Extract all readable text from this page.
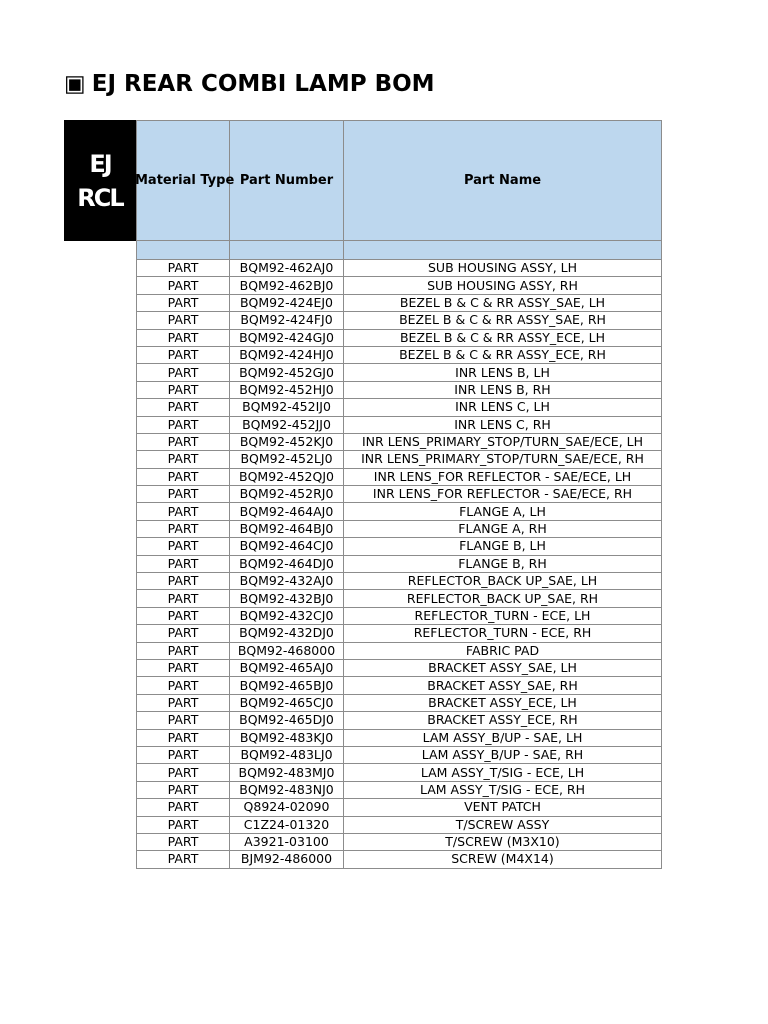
▣ EJ REAR COMBI LAMP BOM
EJ
RCL
Material Type	Part Number	Part Name

PART	BQM92-462AJ0	SUB HOUSING ASSY, LH
PART	BQM92-462BJ0	SUB HOUSING ASSY, RH
PART	BQM92-424EJ0	BEZEL B & C & RR ASSY_SAE, LH
PART	BQM92-424FJ0	BEZEL B & C & RR ASSY_SAE, RH
PART	BQM92-424GJ0	BEZEL B & C & RR ASSY_ECE, LH
PART	BQM92-424HJ0	BEZEL B & C & RR ASSY_ECE, RH
PART	BQM92-452GJ0	INR LENS B, LH
PART	BQM92-452HJ0	INR LENS B, RH
PART	BQM92-452IJ0	INR LENS C, LH
PART	BQM92-452JJ0	INR LENS C, RH
PART	BQM92-452KJ0	INR LENS_PRIMARY_STOP/TURN_SAE/ECE, LH
PART	BQM92-452LJ0	INR LENS_PRIMARY_STOP/TURN_SAE/ECE, RH
PART	BQM92-452QJ0	INR LENS_FOR REFLECTOR - SAE/ECE, LH
PART	BQM92-452RJ0	INR LENS_FOR REFLECTOR - SAE/ECE, RH
PART	BQM92-464AJ0	FLANGE A, LH
PART	BQM92-464BJ0	FLANGE A, RH
PART	BQM92-464CJ0	FLANGE B, LH
PART	BQM92-464DJ0	FLANGE B, RH
PART	BQM92-432AJ0	REFLECTOR_BACK UP_SAE, LH
PART	BQM92-432BJ0	REFLECTOR_BACK UP_SAE, RH
PART	BQM92-432CJ0	REFLECTOR_TURN - ECE, LH
PART	BQM92-432DJ0	REFLECTOR_TURN - ECE, RH
PART	BQM92-468000	FABRIC PAD
PART	BQM92-465AJ0	BRACKET ASSY_SAE, LH
PART	BQM92-465BJ0	BRACKET ASSY_SAE, RH
PART	BQM92-465CJ0	BRACKET ASSY_ECE, LH
PART	BQM92-465DJ0	BRACKET ASSY_ECE, RH
PART	BQM92-483KJ0	LAM ASSY_B/UP - SAE, LH
PART	BQM92-483LJ0	LAM ASSY_B/UP - SAE, RH
PART	BQM92-483MJ0	LAM ASSY_T/SIG - ECE, LH
PART	BQM92-483NJ0	LAM ASSY_T/SIG - ECE, RH
PART	Q8924-02090	VENT PATCH
PART	C1Z24-01320	T/SCREW ASSY
PART	A3921-03100	T/SCREW (M3X10)
PART	BJM92-486000	SCREW (M4X14)
